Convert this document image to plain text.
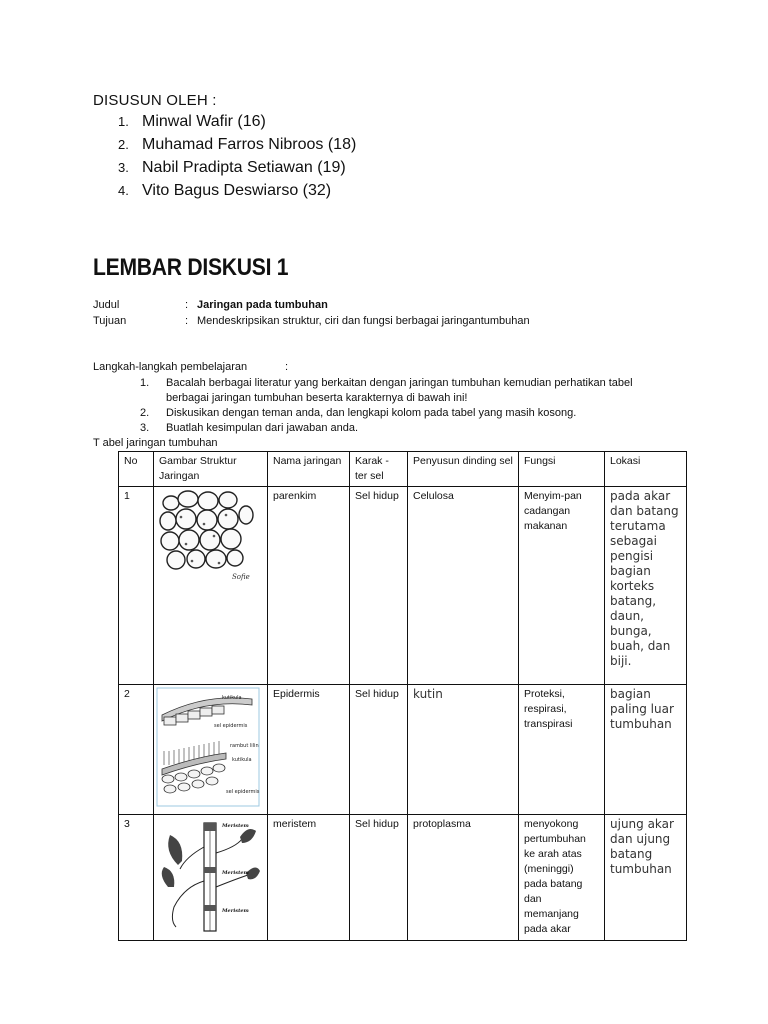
DISUSUN OLEH :
1. Minwal Wafir (16)
2. Muhamad Farros Nibroos (18)
3. Nabil Pradipta Setiawan (19)
4. Vito Bagus Deswiarso (32)
LEMBAR DISKUSI 1
Judul	: Jaringan pada tumbuhan
Tujuan	: Mendeskripsikan struktur, ciri dan fungsi berbagai jaringantumbuhan
Langkah-langkah pembelajaran	:
1. Bacalah berbagai literatur yang berkaitan dengan jaringan tumbuhan kemudian perhatikan tabel berbagai jaringan tumbuhan beserta karakternya di bawah ini!
2. Diskusikan dengan teman anda, dan lengkapi kolom pada tabel yang masih kosong.
3. Buatlah kesimpulan dari jawaban anda.
T abel jaringan tumbuhan
No	Gambar Struktur Jaringan	Nama jaringan	Karak - ter sel	Penyusun dinding sel	Fungsi	Lokasi
1	Sofie	parenkim	Sel hidup	Celulosa	Menyim-pan cadangan makanan	pada akar dan batang terutama sebagai pengisi bagian korteks batang, daun, bunga, buah, dan biji.
2	kutikula
sel epidermis
rambut lilin
kutikula
sel epidermis	Epidermis	Sel hidup	kutin	Proteksi, respirasi, transpirasi	bagian paling luar tumbuhan
3	Meristem
Meristem
Meristem	meristem	Sel hidup	protoplasma	menyokong pertumbuhan ke arah atas (meninggi) pada batang dan memanjang pada akar	ujung akar dan ujung batang tumbuhan
